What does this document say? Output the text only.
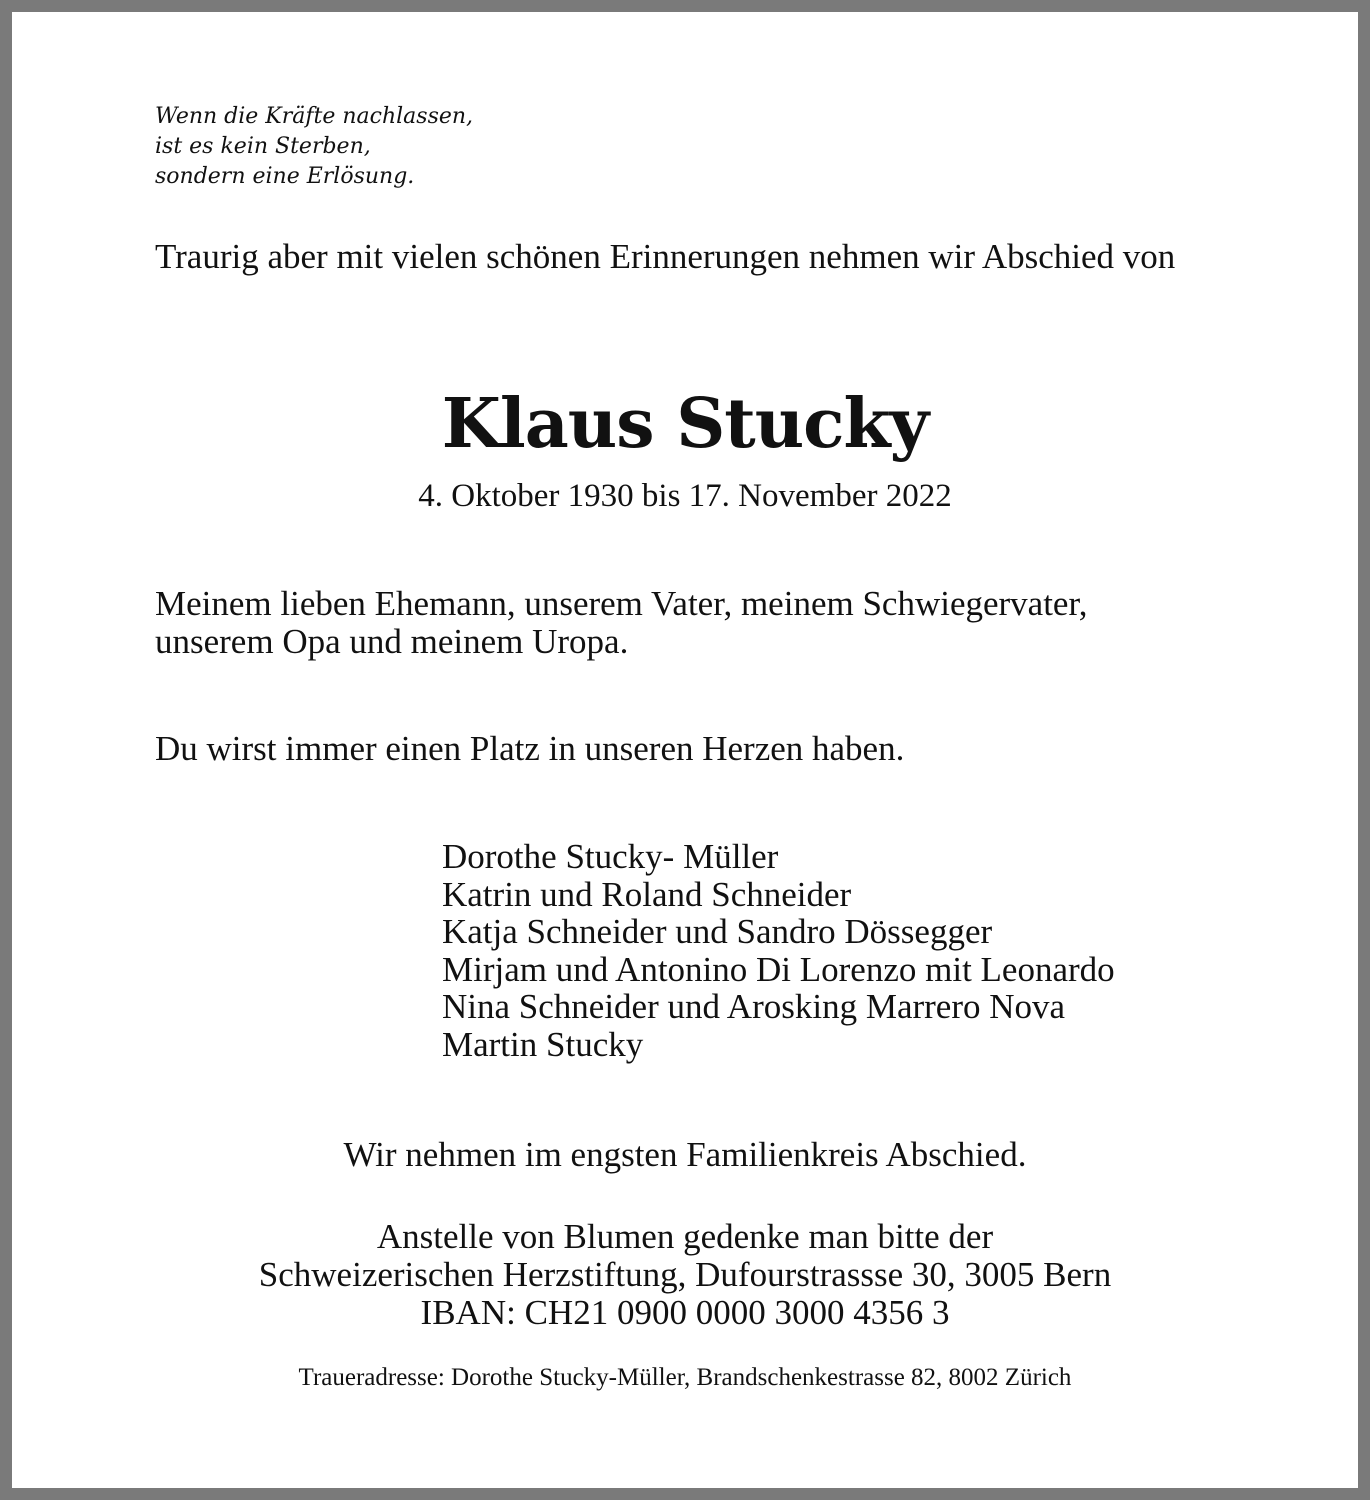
Wenn die Kräfte nachlassen,
ist es kein Sterben,
sondern eine Erlösung.
Traurig aber mit vielen schönen Erinnerungen nehmen wir Abschied von
Klaus Stucky
4. Oktober 1930 bis 17. November 2022
Meinem lieben Ehemann, unserem Vater, meinem Schwiegervater,
unserem Opa und meinem Uropa.
Du wirst immer einen Platz in unseren Herzen haben.
Dorothe Stucky- Müller
Katrin und Roland Schneider
Katja Schneider und Sandro Dössegger
Mirjam und Antonino Di Lorenzo mit Leonardo
Nina Schneider und Arosking Marrero Nova
Martin Stucky
Wir nehmen im engsten Familienkreis Abschied.
Anstelle von Blumen gedenke man bitte der
Schweizerischen Herzstiftung, Dufourstrassse 30, 3005 Bern
IBAN: CH21 0900 0000 3000 4356 3
Traueradresse: Dorothe Stucky-Müller, Brandschenkestrasse 82, 8002 Zürich
